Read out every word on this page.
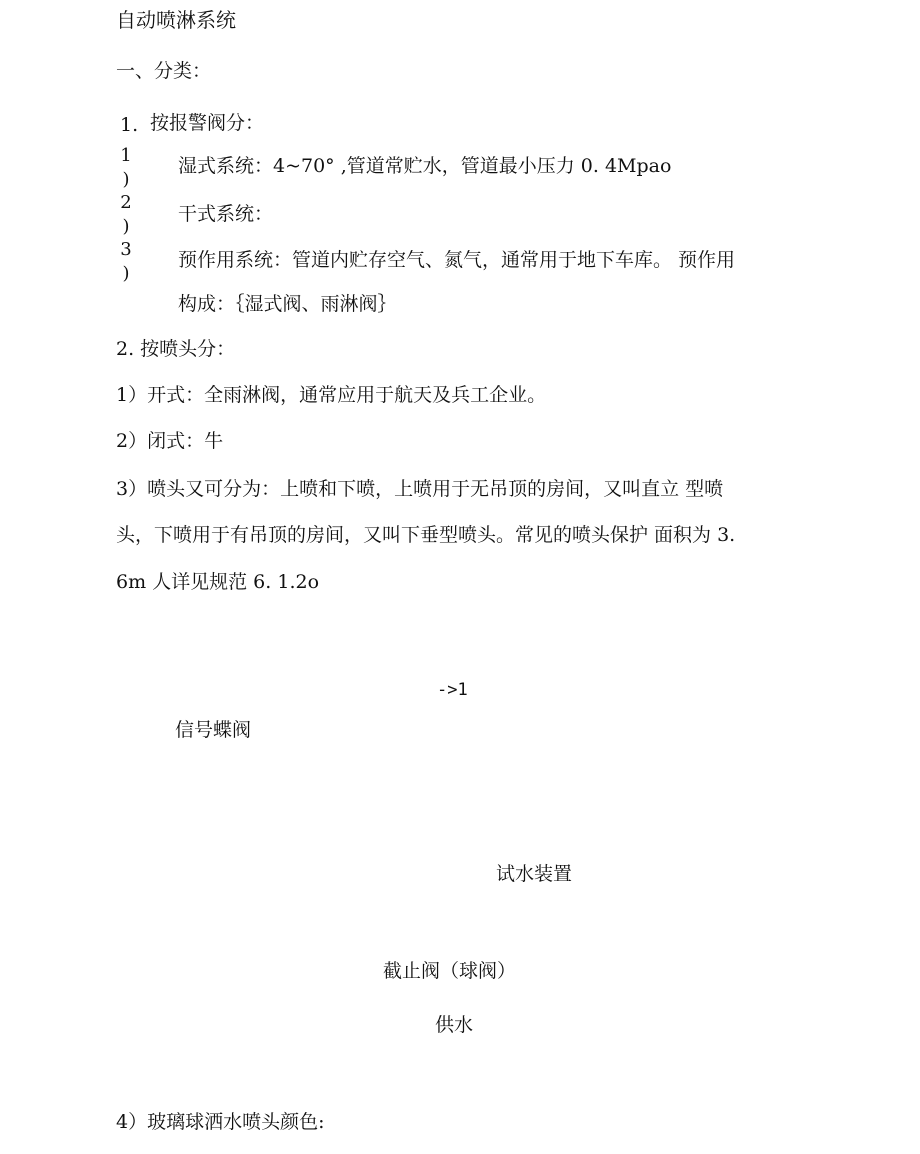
自动喷淋系统
一、分类：
1. 按报警阀分：
1
)
2
)
3
)
湿式系统：4~70° ,管道常贮水，管道最小压力 0. 4Mpao
干式系统：
预作用系统：管道内贮存空气、氮气，通常用于地下车库。 预作用
构成：｛湿式阀、雨淋阀｝
2. 按喷头分：
1）开式：全雨淋阀，通常应用于航天及兵工企业。
2）闭式：牛
3）喷头又可分为：上喷和下喷，上喷用于无吊顶的房间，又叫直立 型喷
头，下喷用于有吊顶的房间，又叫下垂型喷头。常见的喷头保护 面积为 3.
6m 人详见规范 6. 1.2o
->1
信号蝶阀
试水装置
截止阀（球阀）
供水
4）玻璃球洒水喷头颜色:
